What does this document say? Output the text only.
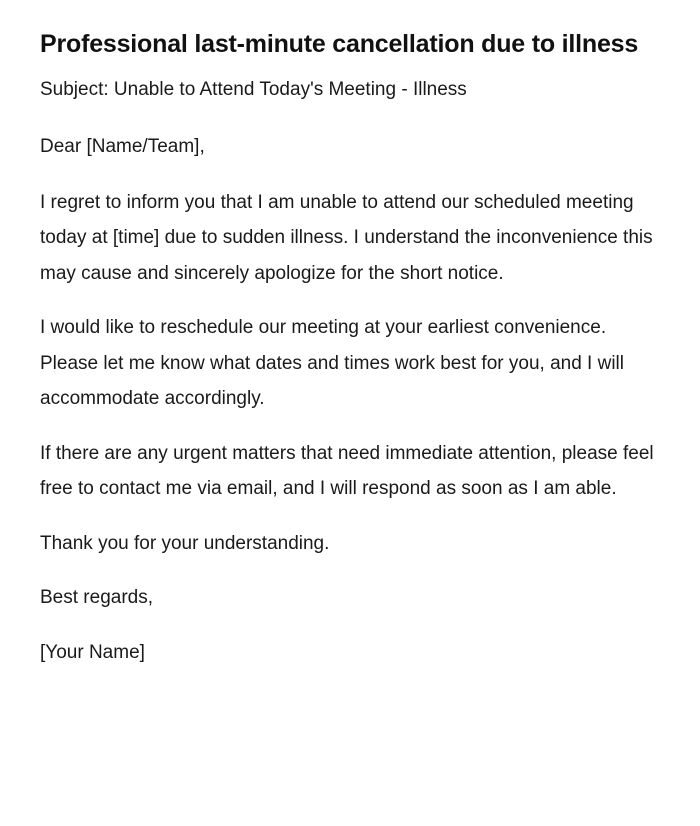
Professional last-minute cancellation due to illness

Subject: Unable to Attend Today's Meeting - Illness

Dear [Name/Team],

I regret to inform you that I am unable to attend our scheduled meeting today at [time] due to sudden illness. I understand the inconvenience this may cause and sincerely apologize for the short notice.

I would like to reschedule our meeting at your earliest convenience. Please let me know what dates and times work best for you, and I will accommodate accordingly.

If there are any urgent matters that need immediate attention, please feel free to contact me via email, and I will respond as soon as I am able.

Thank you for your understanding.

Best regards,

[Your Name]
